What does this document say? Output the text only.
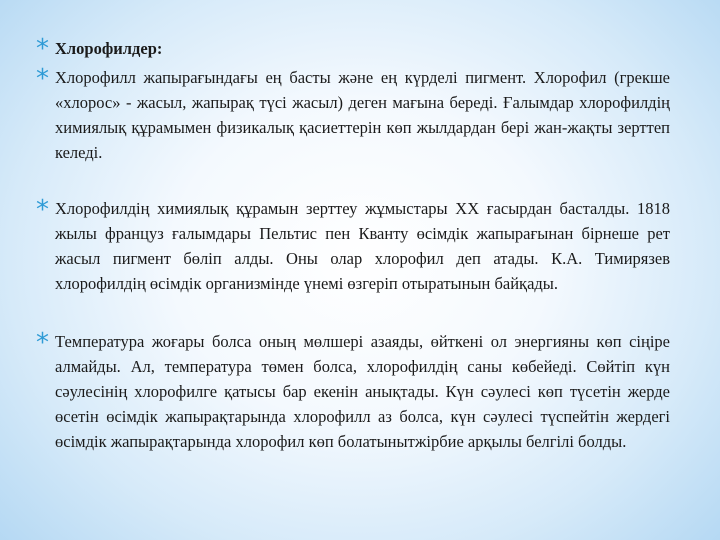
* Хлорофилдер:

* Хлорофилл жапырағындағы ең басты және ең күрделі пигмент. Хлорофил (грекше «хлорос» - жасыл, жапырақ түсі жасыл) деген мағына береді. Ғалымдар хлорофилдің химиялық құрамымен физикалық қасиеттерін көп жылдардан бері жан-жақты зерттеп келеді.

* Хлорофилдің химиялық құрамын зерттеу жұмыстары ХХ ғасырдан басталды. 1818 жылы француз ғалымдары Пельтис пен Кванту өсімдік жапырағынан бірнеше рет жасыл пигмент бөліп алды. Оны олар хлорофил деп атады. К.А. Тимирязев хлорофилдің өсімдік организмінде үнемі өзгеріп отыратынын байқады.

* Температура жоғары болса оның мөлшері азаяды, өйткені ол энергияны көп сіңіре алмайды. Ал, температура төмен болса, хлорофилдің саны көбейеді. Сөйтіп күн сәулесінің хлорофилге қатысы бар екенін анықтады. Күн сәулесі көп түсетін жерде өсетін өсімдік жапырақтарында хлорофилл аз болса, күн сәулесі түспейтін жердегі өсімдік жапырақтарында хлорофил көп болатынытжірбие арқылы белгілі болды.
